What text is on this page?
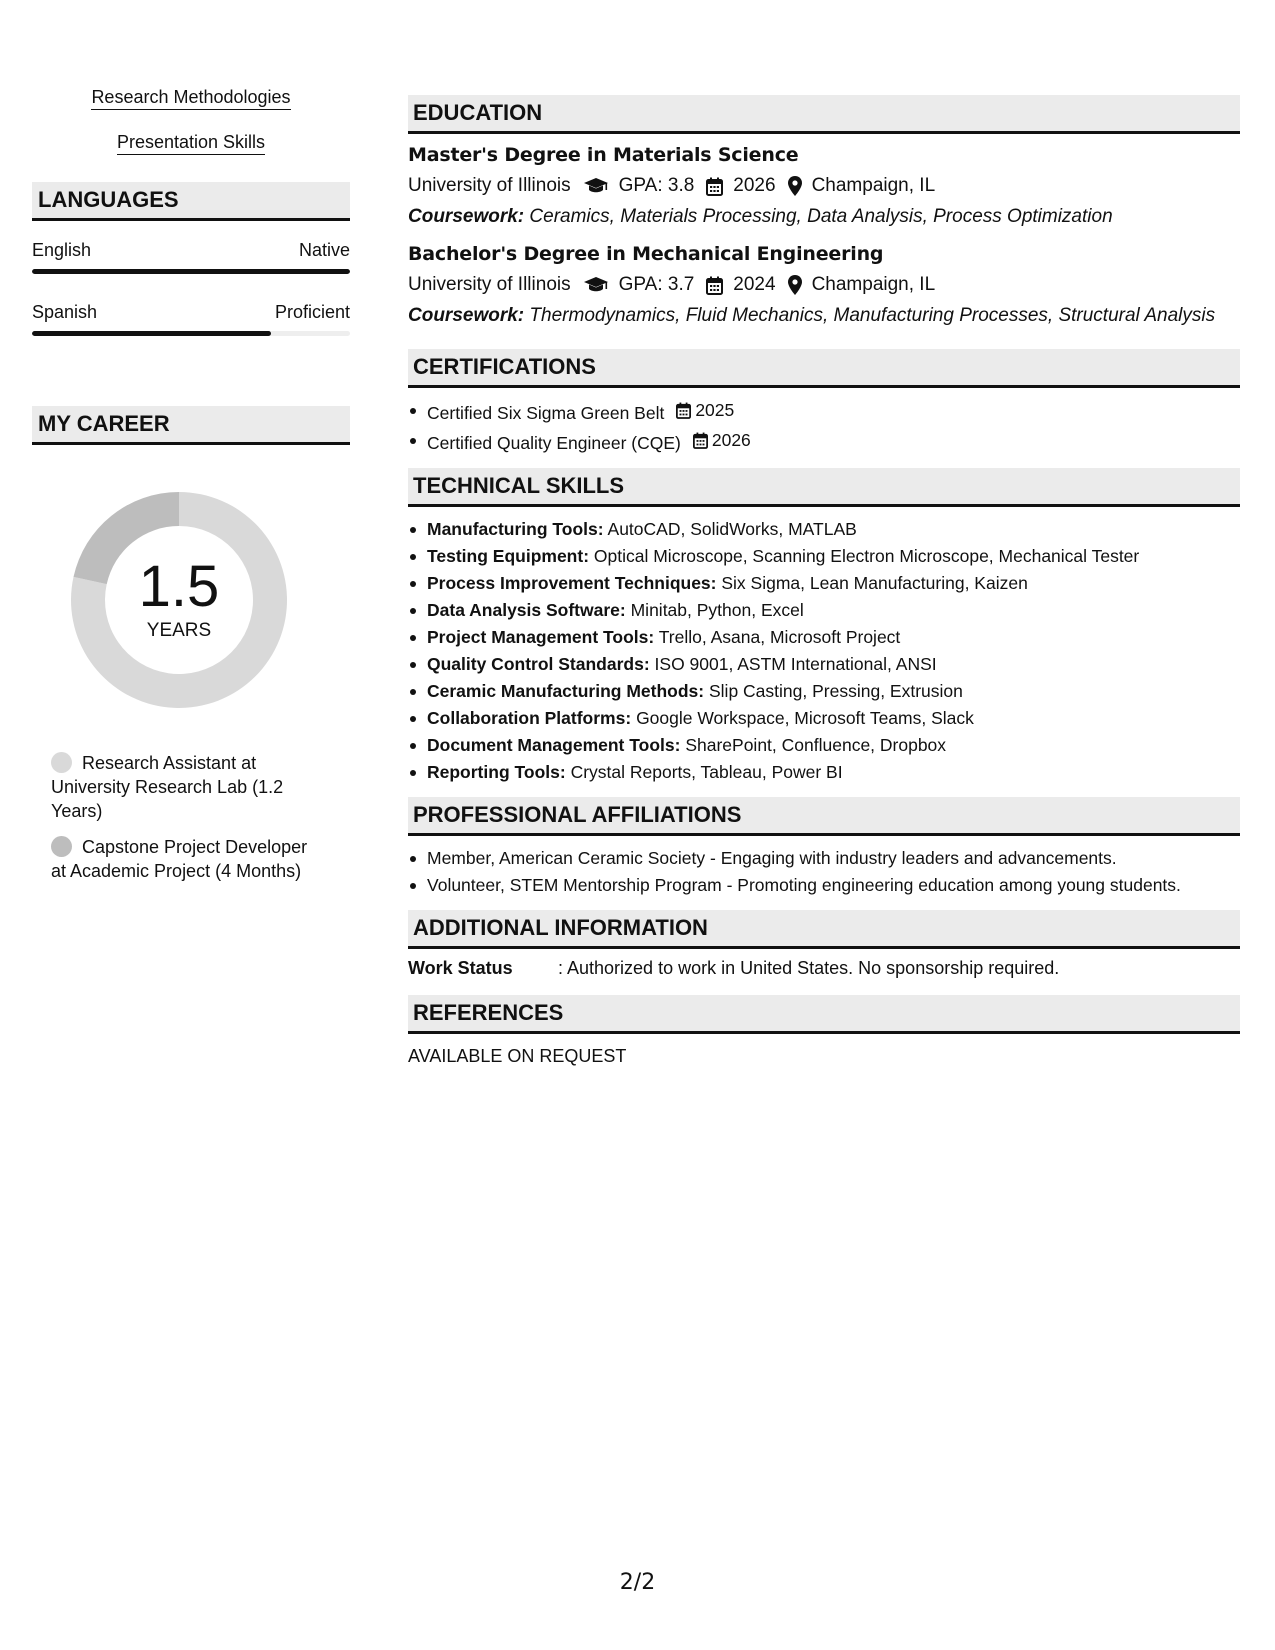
Research Methodologies
Presentation Skills
LANGUAGES
English	Native
Spanish	Proficient
MY CAREER
1.5
YEARS
Research Assistant at University Research Lab (1.2 Years)
Capstone Project Developer at Academic Project (4 Months)
EDUCATION
Master's Degree in Materials Science
University of Illinois	GPA: 3.8 2026 Champaign, IL
Coursework: Ceramics, Materials Processing, Data Analysis, Process Optimization
Bachelor's Degree in Mechanical Engineering
University of Illinois	GPA: 3.7 2024 Champaign, IL
Coursework: Thermodynamics, Fluid Mechanics, Manufacturing Processes, Structural Analysis
CERTIFICATIONS
Certified Six Sigma Green Belt 2025
Certified Quality Engineer (CQE) 2026
TECHNICAL SKILLS
Manufacturing Tools: AutoCAD, SolidWorks, MATLAB
Testing Equipment: Optical Microscope, Scanning Electron Microscope, Mechanical Tester
Process Improvement Techniques: Six Sigma, Lean Manufacturing, Kaizen
Data Analysis Software: Minitab, Python, Excel
Project Management Tools: Trello, Asana, Microsoft Project
Quality Control Standards: ISO 9001, ASTM International, ANSI
Ceramic Manufacturing Methods: Slip Casting, Pressing, Extrusion
Collaboration Platforms: Google Workspace, Microsoft Teams, Slack
Document Management Tools: SharePoint, Confluence, Dropbox
Reporting Tools: Crystal Reports, Tableau, Power BI
PROFESSIONAL AFFILIATIONS
Member, American Ceramic Society - Engaging with industry leaders and advancements.
Volunteer, STEM Mentorship Program - Promoting engineering education among young students.
ADDITIONAL INFORMATION
Work Status	: Authorized to work in United States. No sponsorship required.
REFERENCES
AVAILABLE ON REQUEST
2/2
